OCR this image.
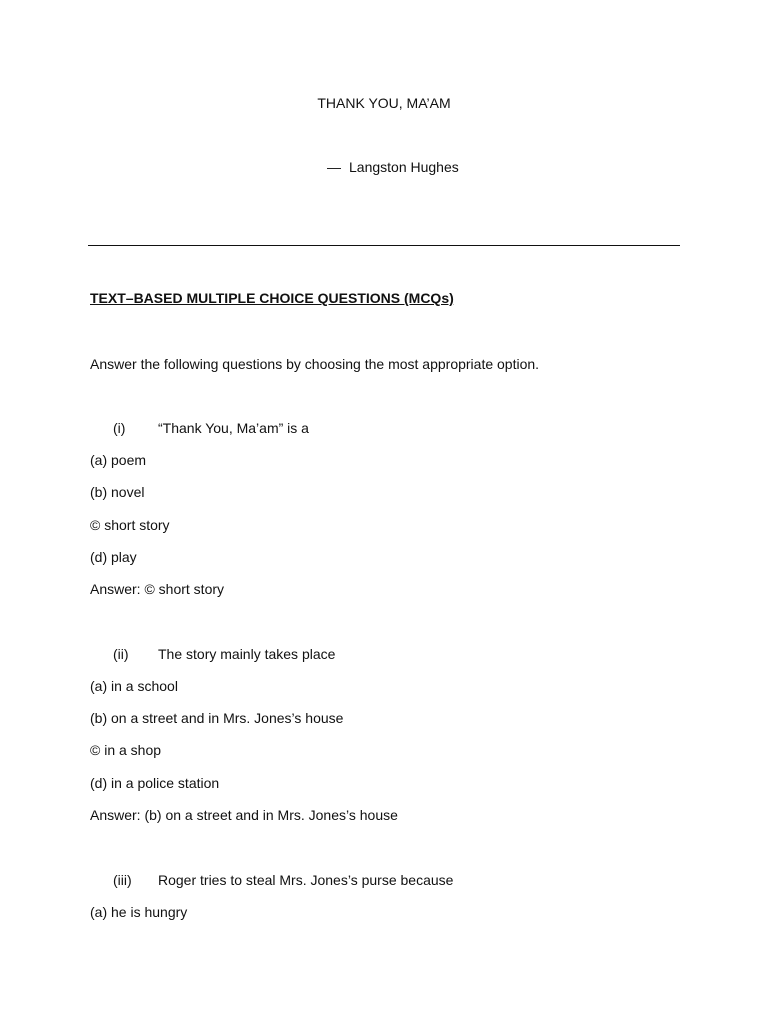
THANK YOU, MA’AM
— Langston Hughes
TEXT–BASED MULTIPLE CHOICE QUESTIONS (MCQs)
Answer the following questions by choosing the most appropriate option.
(i) “Thank You, Ma’am” is a
(a) poem
(b) novel
© short story
(d) play
Answer: © short story
(ii) The story mainly takes place
(a) in a school
(b) on a street and in Mrs. Jones’s house
© in a shop
(d) in a police station
Answer: (b) on a street and in Mrs. Jones’s house
(iii) Roger tries to steal Mrs. Jones’s purse because
(a) he is hungry
